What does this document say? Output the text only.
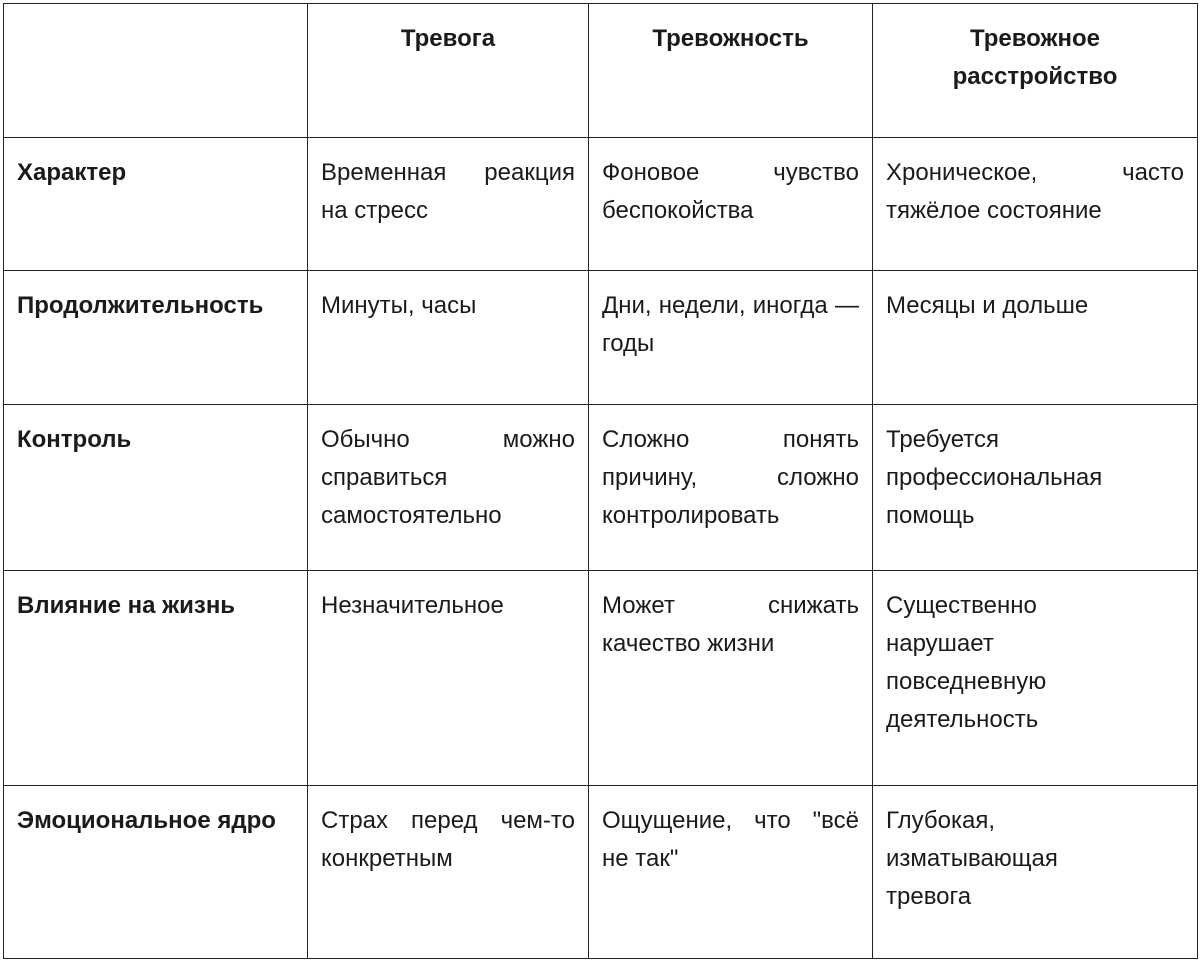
	Тревога	Тревожность	Тревожное расстройство
Характер	Временная реакция на стресс	Фоновое чувство беспокойства	Хроническое, часто тяжёлое состояние
Продолжительность	Минуты, часы	Дни, недели, иногда — годы	Месяцы и дольше
Контроль	Обычно можно справиться самостоятельно	Сложно понять причину, сложно контролировать	Требуется профессиональная помощь
Влияние на жизнь	Незначительное	Может снижать качество жизни	Существенно нарушает повседневную деятельность
Эмоциональное ядро	Страх перед чем-то конкретным	Ощущение, что "всё не так"	Глубокая, изматывающая тревога
